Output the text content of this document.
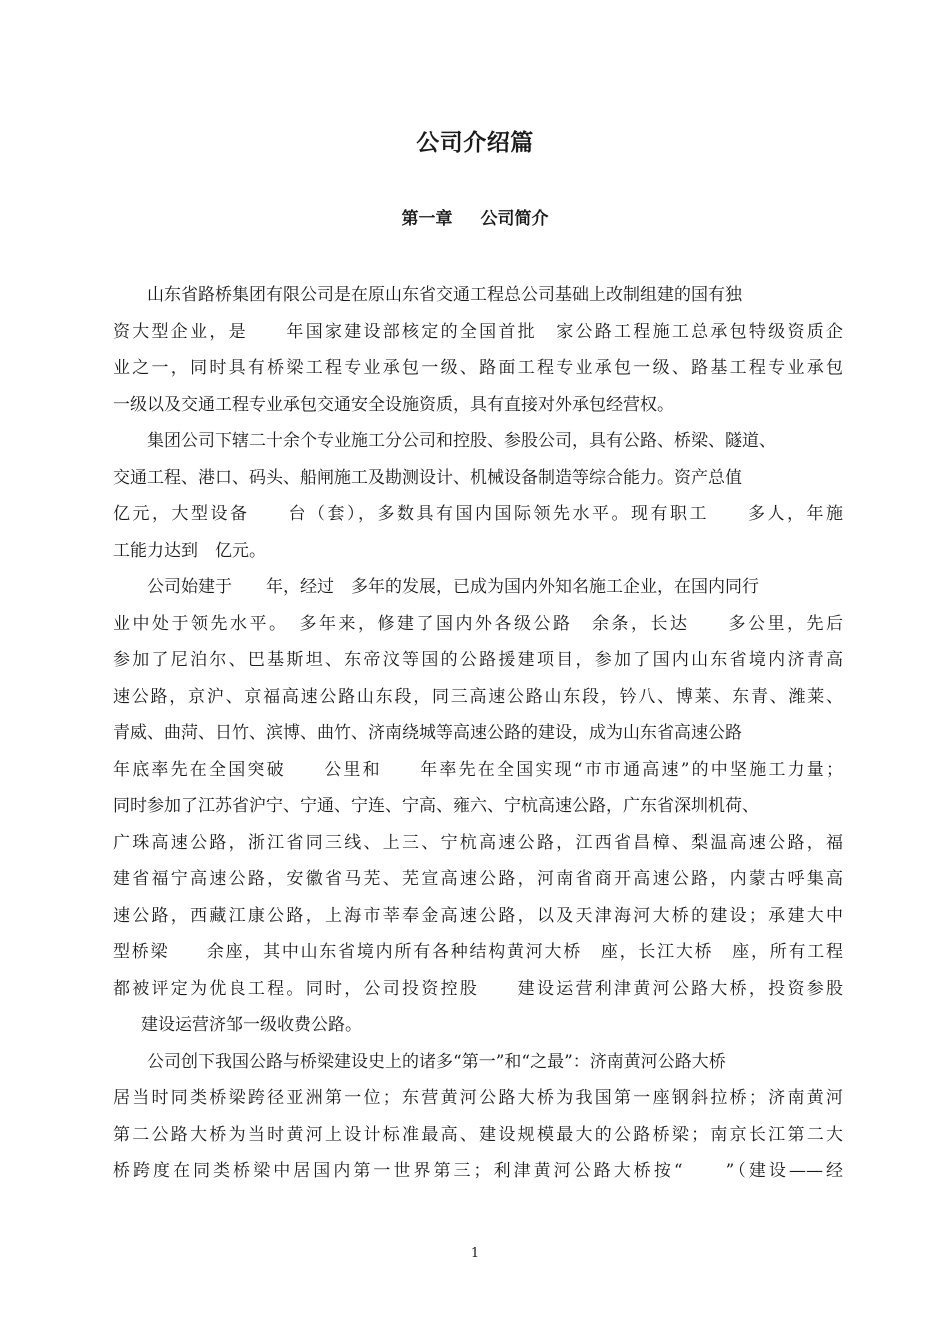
公司介绍篇
第一章 公司简介
山东省路桥集团有限公司是在原山东省交通工程总公司基础上改制组建的国有独
资大型企业，是　　年国家建设部核定的全国首批　家公路工程施工总承包特级资质企
业之一，同时具有桥梁工程专业承包一级、路面工程专业承包一级、路基工程专业承包
一级以及交通工程专业承包交通安全设施资质，具有直接对外承包经营权。
集团公司下辖二十余个专业施工分公司和控股、参股公司，具有公路、桥梁、隧道、
交通工程、港口、码头、船闸施工及勘测设计、机械设备制造等综合能力。资产总值
亿元，大型设备　　台（套），多数具有国内国际领先水平。现有职工　　多人，年施
工能力达到　亿元。
公司始建于　　年，经过　多年的发展，已成为国内外知名施工企业，在国内同行
业中处于领先水平。　多年来，修建了国内外各级公路　余条，长达　　多公里，先后
参加了尼泊尔、巴基斯坦、东帝汶等国的公路援建项目，参加了国内山东省境内济青高
速公路，京沪、京福高速公路山东段，同三高速公路山东段，钤八、博莱、东青、潍莱、
青威、曲菏、日竹、滨博、曲竹、济南绕城等高速公路的建设，成为山东省高速公路
年底率先在全国突破　　公里和　　年率先在全国实现“市市通高速”的中坚施工力量；
同时参加了江苏省沪宁、宁通、宁连、宁高、雍六、宁杭高速公路，广东省深圳机荷、
广珠高速公路，浙江省同三线、上三、宁杭高速公路，江西省昌樟、梨温高速公路，福
建省福宁高速公路，安徽省马芜、芜宣高速公路，河南省商开高速公路，内蒙古呼集高
速公路，西藏江康公路，上海市莘奉金高速公路，以及天津海河大桥的建设；承建大中
型桥梁　　余座，其中山东省境内所有各种结构黄河大桥　座，长江大桥　座，所有工程
都被评定为优良工程。同时，公司投资控股　　建设运营利津黄河公路大桥，投资参股
建设运营济邹一级收费公路。
公司创下我国公路与桥梁建设史上的诸多“第一”和“之最”：济南黄河公路大桥
居当时同类桥梁跨径亚洲第一位；东营黄河公路大桥为我国第一座钢斜拉桥；济南黄河
第二公路大桥为当时黄河上设计标准最高、建设规模最大的公路桥梁；南京长江第二大
桥跨度在同类桥梁中居国内第一世界第三；利津黄河公路大桥按“　　”（建设——经
1
